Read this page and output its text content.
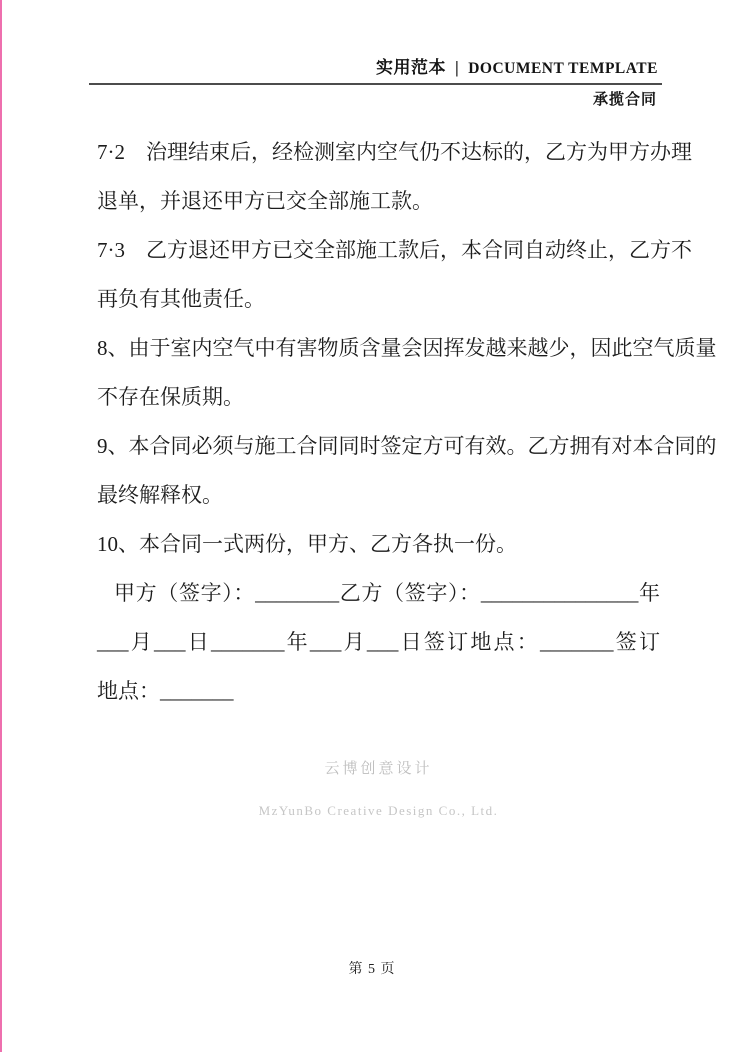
实用范本 | DOCUMENT TEMPLATE
承揽合同
7·2　治理结束后，经检测室内空气仍不达标的，乙方为甲方办理
退单，并退还甲方已交全部施工款。
7·3　乙方退还甲方已交全部施工款后，本合同自动终止，乙方不
再负有其他责任。
8、由于室内空气中有害物质含量会因挥发越来越少，因此空气质量
不存在保质期。
9、本合同必须与施工合同同时签定方可有效。乙方拥有对本合同的
最终解释权。
10、本合同一式两份，甲方、乙方各执一份。
甲方（签字）：________乙方（签字）：_______________年
___月___日_______年___月___日签订地点：_______签订
地点：_______
云博创意设计
MzYunBo Creative Design Co., Ltd.
第 5 页
